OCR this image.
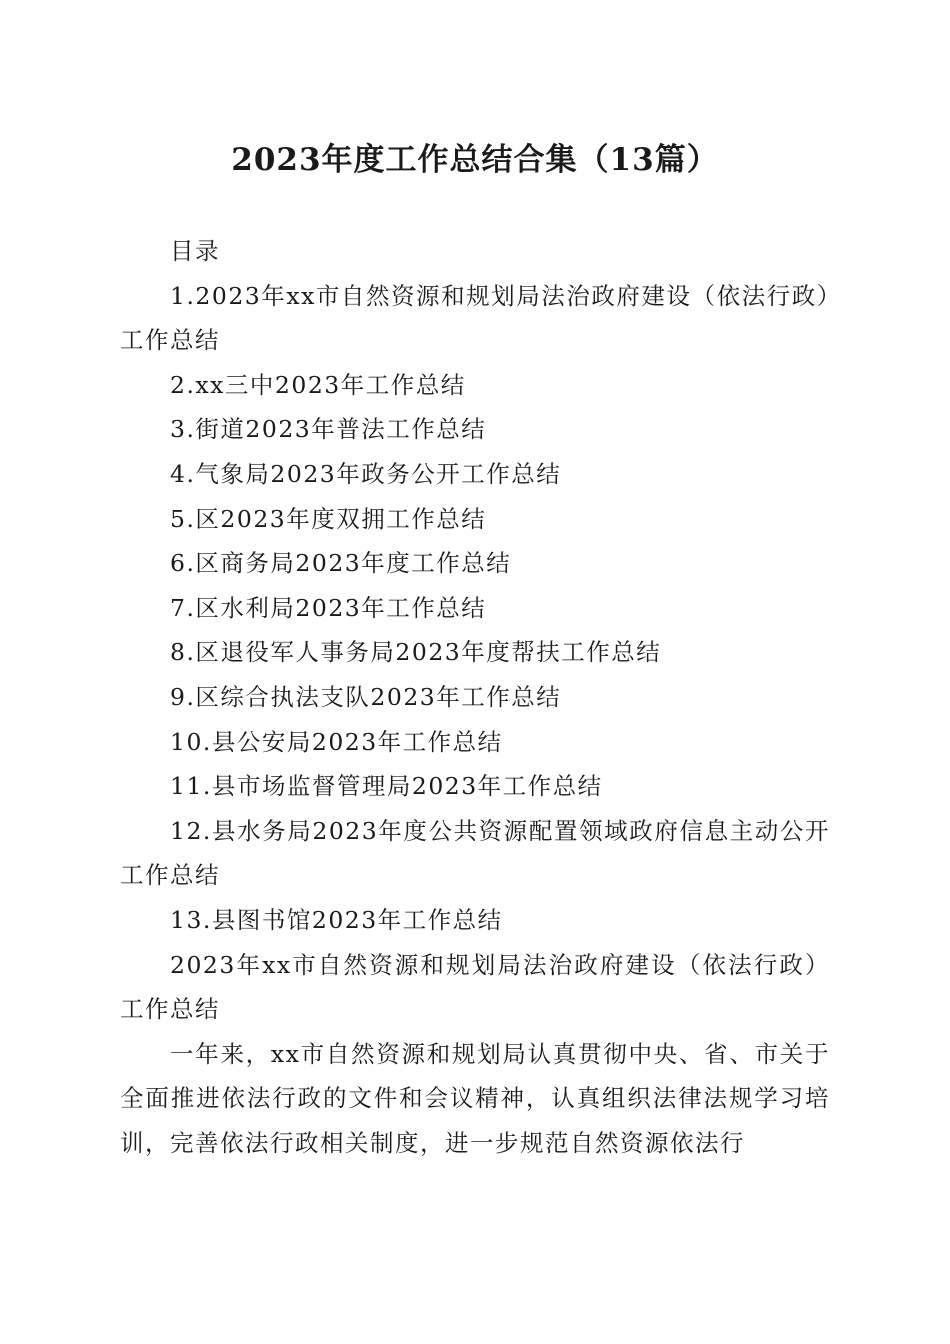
2023年度工作总结合集（13篇）

目录

1.2023年xx市自然资源和规划局法治政府建设（依法行政）工作总结

2.xx三中2023年工作总结

3.街道2023年普法工作总结

4.气象局2023年政务公开工作总结

5.区2023年度双拥工作总结

6.区商务局2023年度工作总结

7.区水利局2023年工作总结

8.区退役军人事务局2023年度帮扶工作总结

9.区综合执法支队2023年工作总结

10.县公安局2023年工作总结

11.县市场监督管理局2023年工作总结

12.县水务局2023年度公共资源配置领域政府信息主动公开工作总结

13.县图书馆2023年工作总结

2023年xx市自然资源和规划局法治政府建设（依法行政）工作总结

一年来，xx市自然资源和规划局认真贯彻中央、省、市关于全面推进依法行政的文件和会议精神，认真组织法律法规学习培训，完善依法行政相关制度，进一步规范自然资源依法行
